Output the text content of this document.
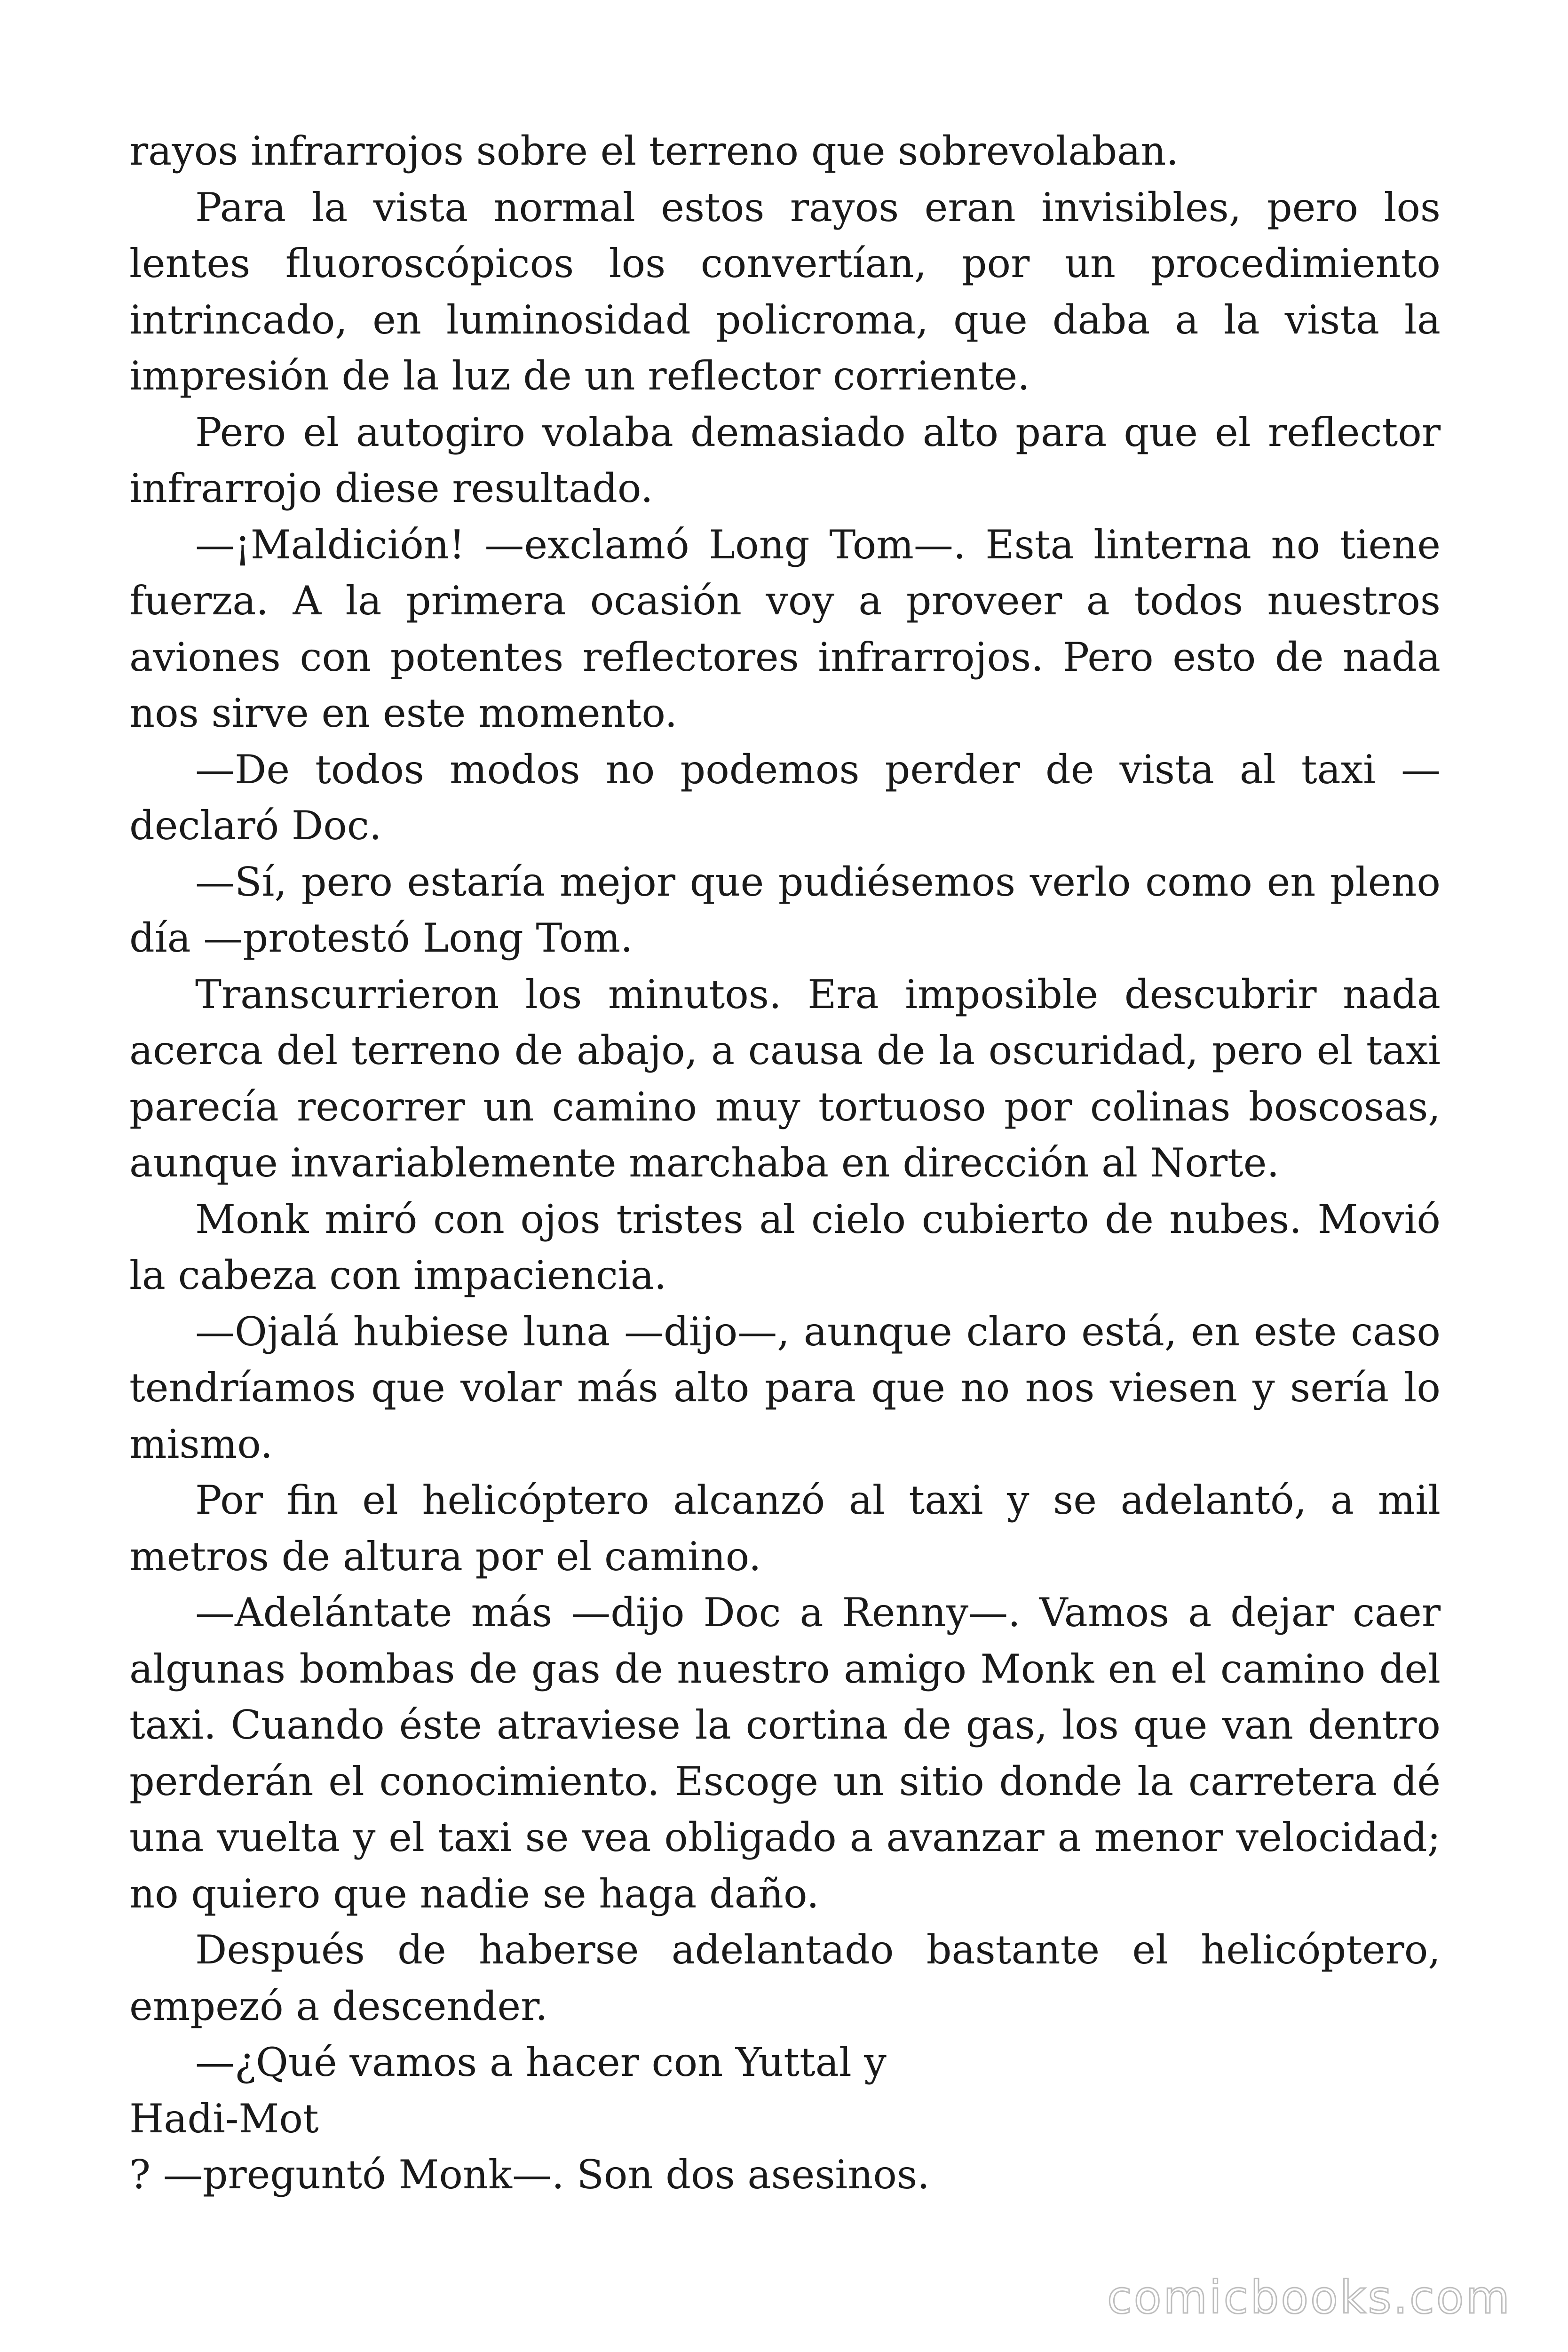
rayos infrarrojos sobre el terreno que sobrevolaban.

Para la vista normal estos rayos eran invisibles, pero los lentes fluoroscópicos los convertían, por un procedimiento intrincado, en luminosidad policroma, que daba a la vista la impresión de la luz de un reflector corriente.

Pero el autogiro volaba demasiado alto para que el reflector infrarrojo diese resultado.

—¡Maldición! —exclamó Long Tom—. Esta linterna no tiene fuerza. A la primera ocasión voy a proveer a todos nuestros aviones con potentes reflectores infrarrojos. Pero esto de nada nos sirve en este momento.

—De todos modos no podemos perder de vista al taxi —declaró Doc.

—Sí, pero estaría mejor que pudiésemos verlo como en pleno día —protestó Long Tom.

Transcurrieron los minutos. Era imposible descubrir nada acerca del terreno de abajo, a causa de la oscuridad, pero el taxi parecía recorrer un camino muy tortuoso por colinas boscosas, aunque invariablemente marchaba en dirección al Norte.

Monk miró con ojos tristes al cielo cubierto de nubes. Movió la cabeza con impaciencia.

—Ojalá hubiese luna —dijo—, aunque claro está, en este caso tendríamos que volar más alto para que no nos viesen y sería lo mismo.

Por fin el helicóptero alcanzó al taxi y se adelantó, a mil metros de altura por el camino.

—Adelántate más —dijo Doc a Renny—. Vamos a dejar caer algunas bombas de gas de nuestro amigo Monk en el camino del taxi. Cuando éste atraviese la cortina de gas, los que van dentro perderán el conocimiento. Escoge un sitio donde la carretera dé una vuelta y el taxi se vea obligado a avanzar a menor velocidad; no quiero que nadie se haga daño.

Después de haberse adelantado bastante el helicóptero, empezó a descender.

—¿Qué vamos a hacer con Yuttal y

Hadi-Mot

? —preguntó Monk—. Son dos asesinos.

comicbooks.com
